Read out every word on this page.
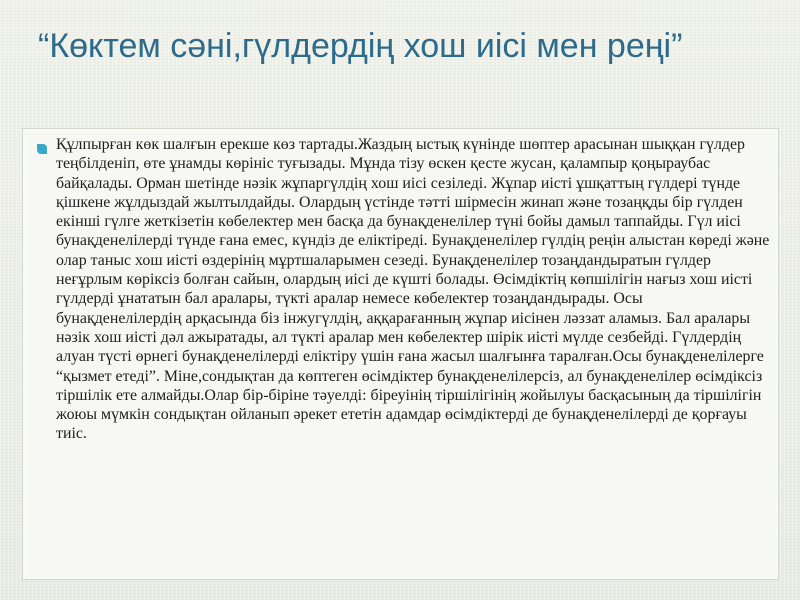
“Көктем сәні,гүлдердің хош иісі мен реңі”

Құлпырған көк шалғын ерекше көз тартады.Жаздың ыстық күнінде шөптер арасынан шыққан гүлдер теңбілденіп, өте ұнамды көрініс туғызады. Мұнда тізу өскен қесте жусан, қалампыр қоңыраубас байқалады. Орман шетінде нәзік жұпаргүлдің хош иісі сезіледі. Жұпар иісті ұшқаттың гүлдері түнде қішкене жұлдыздай жылтылдайды. Олардың үстінде тәтті шірмесін жинап және тозаңқды бір гүлден екінші гүлге жеткізетін көбелектер мен басқа да бунақденелілер түні бойы дамыл таппайды. Гүл иісі бунақденелілерді түнде ғана емес, күндіз де еліктіреді. Бунақденелілер гүлдің реңін алыстан көреді және олар таныс хош иісті өздерінің мұртшаларымен сезеді. Бунақденелілер тозаңдандыратын гүлдер неғұрлым көріксіз болған сайын, олардың иісі де күшті болады. Өсімдіктің көпшілігін нағыз хош иісті гүлдерді ұнататын бал аралары, түкті аралар немесе көбелектер тозаңдандырады. Осы бунақденелілердің арқасында біз інжугүлдің, аққарағанның жұпар иісінен ләззат аламыз. Бал аралары нәзік хош иісті дәл ажыратады, ал түкті аралар мен көбелектер шірік иісті мүлде сезбейді. Гүлдердің алуан түсті өрнегі бунақденелілерді еліктіру үшін ғана жасыл шалғынға таралған.Осы бунақденелілерге “қызмет етеді”. Міне,сондықтан да көптеген өсімдіктер бунақденелілерсіз, ал бунақденелілер өсімдіксіз тіршілік ете алмайды.Олар бір-біріне тәуелді: біреуінің тіршілігінің жойылуы басқасының да тіршілігін жоюы мүмкін сондықтан ойланып әрекет ететін адамдар өсімдіктерді де бунақденелілерді де қорғауы тиіс.
